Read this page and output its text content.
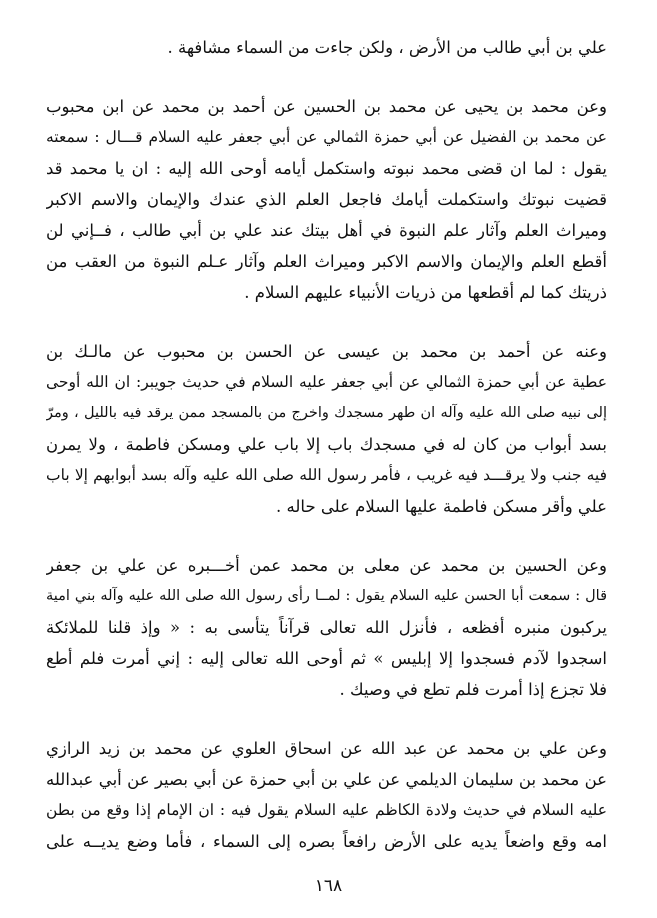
علي بن أبي طالب من الأرض ، ولكن جاءت من السماء مشافهة .
وعن محمد بن يحيى عن محمد بن الحسين عن أحمد بن محمد عن ابن محبوب
عن محمد بن الفضيل عن أبي حمزة الثمالي عن أبي جعفر عليه السلام قـــال : سمعته
يقول : لما ان قضى محمد نبوته واستكمل أيامه أوحى الله إليه : ان يا محمد قد
قضيت نبوتك واستكملت أيامك فاجعل العلم الذي عندك والإيمان والاسم الاكبر
وميراث العلم وآثار علم النبوة في أهل بيتك عند علي بن أبي طالب ، فــإني لن
أقطع العلم والإيمان والاسم الاكبر وميراث العلم وآثار عـلم النبوة من العقب من
ذريتك كما لم أقطعها من ذريات الأنبياء عليهم السلام .
وعنه عن أحمد بن محمد بن عيسى عن الحسن بن محبوب عن مالـك بن
عطية عن أبي حمزة الثمالي عن أبي جعفر عليه السلام في حديث جويبر: ان الله أوحى
إلى نبيه صلى الله عليه وآله ان طهر مسجدك واخرج من بالمسجد ممن يرقد فيه بالليل ، ومرّ
بسد أبواب من كان له في مسجدك باب إلا باب علي ومسكن فاطمة ، ولا يمرن
فيه جنب ولا يرقـــد فيه غريب ، فأمر رسول الله صلى الله عليه وآله بسد أبوابهم إلا باب
علي وأقر مسكن فاطمة عليها السلام على حاله .
وعن الحسين بن محمد عن معلى بن محمد عمن أخـــبره عن علي بن جعفر
قال : سمعت أبا الحسن عليه السلام يقول : لمــا رأى رسول الله صلى الله عليه وآله بني امية
يركبون منبره أفظعه ، فأنزل الله تعالى قرآناً يتأسى به : « وإذ قلنا للملائكة
اسجدوا لآدم فسجدوا إلا إبليس » ثم أوحى الله تعالى إليه : إني أمرت فلم أطع
فلا تجزع إذا أمرت فلم تطع في وصيك .
وعن علي بن محمد عن عبد الله عن اسحاق العلوي عن محمد بن زيد الرازي
عن محمد بن سليمان الديلمي عن علي بن أبي حمزة عن أبي بصير عن أبي عبدالله
عليه السلام في حديث ولادة الكاظم عليه السلام يقول فيه : ان الإمام إذا وقع من بطن
امه وقع واضعاً يديه على الأرض رافعاً بصره إلى السماء ، فأما وضع يديــه على
١٦٨
